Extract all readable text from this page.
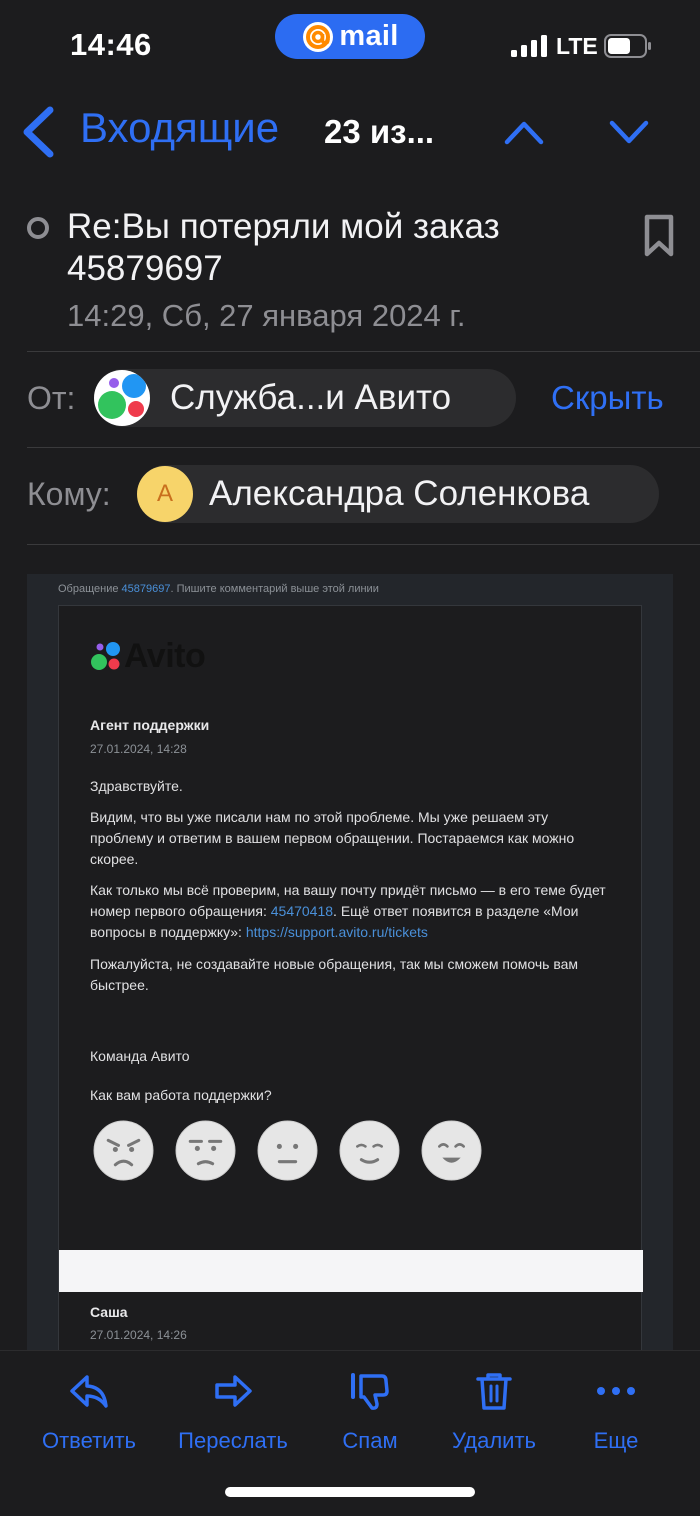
14:46	mail	LTE
Входящие 23 из...
Re:Вы потеряли мой заказ 45879697
14:29, Сб, 27 января 2024 г.
От:	Служба...и Авито	Скрыть
Кому:	А	Александра Соленкова
Обращение 45879697. Пишите комментарий выше этой линии
Avito
Агент поддержки
27.01.2024, 14:28
Здравствуйте.
Видим, что вы уже писали нам по этой проблеме. Мы уже решаем эту проблему и ответим в вашем первом обращении. Постараемся как можно скорее.
Как только мы всё проверим, на вашу почту придёт письмо — в его теме будет номер первого обращения: 45470418. Ещё ответ появится в разделе «Мои вопросы в поддержку»: https://support.avito.ru/tickets
Пожалуйста, не создавайте новые обращения, так мы сможем помочь вам быстрее.
Команда Авито
Как вам работа поддержки?
Саша
27.01.2024, 14:26
Ответить Переслать Спам Удалить	Еще
